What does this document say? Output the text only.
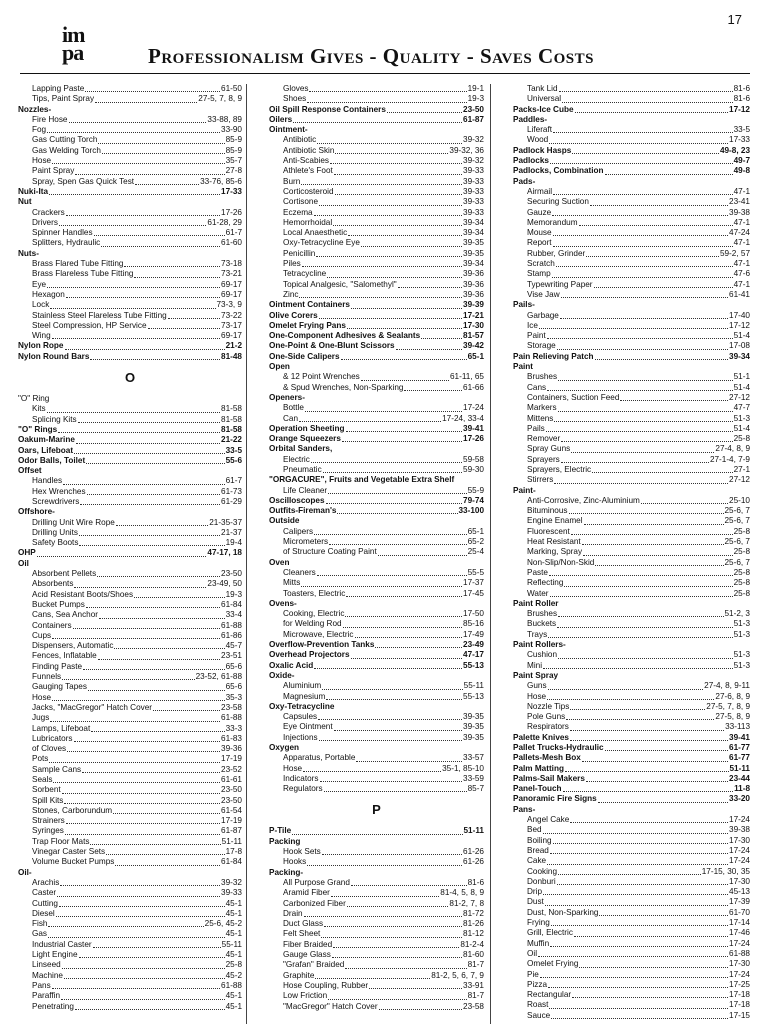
17
im
pa	Professionalism Gives - Quality - Saves Costs
Lapping Paste	61-50
Tips, Paint Spray	27-5, 7, 8, 9
Nozzles-
Fire Hose	33-88, 89
Fog	33-90
Gas Cutting Torch	85-9
Gas Welding Torch	85-9
Hose	35-7
Paint Spray	27-8
Spray, Spen Gas Quick Test	33-76, 85-6
Nuki-Ita	17-33
Nut
Crackers	17-26
Drivers	61-28, 29
Spinner Handles	61-7
Splitters, Hydraulic	61-60
Nuts-
Brass Flared Tube Fitting	73-18
Brass Flareless Tube Fitting	73-21
Eye	69-17
Hexagon	69-17
Lock	73-3, 9
Stainless Steel Flareless Tube Fitting	73-22
Steel Compression, HP Service	73-17
Wing	69-17
Nylon Rope	21-2
Nylon Round Bars	81-48
O
"O" Ring
Kits	81-58
Splicing Kits	81-58
"O" Rings	81-58
Oakum-Marine	21-22
Oars, Lifeboat	33-5
Odor Balls, Toilet	55-6
Offset
Handles	61-7
Hex Wrenches	61-73
Screwdrivers	61-29
Offshore-
Drilling Unit Wire Rope	21-35-37
Drilling Units	21-37
Safety Boots	19-4
OHP	47-17, 18
Oil
Absorbent Pellets	23-50
Absorbents	23-49, 50
Acid Resistant Boots/Shoes	19-3
Bucket Pumps	61-84
Cans, Sea Anchor	33-4
Containers	61-88
Cups	61-86
Dispensers, Automatic	45-7
Fences, Inflatable	23-51
Finding Paste	65-6
Funnels	23-52, 61-88
Gauging Tapes	65-6
Hose	35-3
Jacks, "MacGregor" Hatch Cover	23-58
Jugs	61-88
Lamps, Lifeboat	33-3
Lubricators	61-83
of Cloves	39-36
Pots	17-19
Sample Cans	23-52
Seals	61-61
Sorbent	23-50
Spill Kits	23-50
Stones, Carborundum	61-54
Strainers	17-19
Syringes	61-87
Trap Floor Mats	51-11
Vinegar Caster Sets	17-8
Volume Bucket Pumps	61-84
Oil-
Arachis	39-32
Caster	39-33
Cutting	45-1
Diesel	45-1
Fish	25-6, 45-2
Gas	45-1
Industrial Caster	55-11
Light Engine	45-1
Linseed	25-8
Machine	45-2
Pans	61-88
Paraffin	45-1
Penetrating	45-1
Gloves	19-1
Shoes	19-3
Oil Spill Response Containers	23-50
Oilers	61-87
Ointment-
Antibiotic	39-32
Antibiotic Skin	39-32, 36
Anti-Scabies	39-32
Athlete's Foot	39-33
Burn	39-33
Corticosteroid	39-33
Cortisone	39-33
Eczema	39-33
Hemorrhoidal	39-34
Local Anaesthetic	39-34
Oxy-Tetracycline Eye	39-35
Penicillin	39-35
Piles	39-34
Tetracycline	39-36
Topical Analgesic, "Salomethyl"	39-36
Zinc	39-36
Ointment Containers	39-39
Olive Corers	17-21
Omelet Frying Pans	17-30
One-Component Adhesives & Sealants	81-57
One-Point & One-Blunt Scissors	39-42
One-Side Calipers	65-1
Open
& 12 Point Wrenches	61-11, 65
& Spud Wrenches, Non-Sparking	61-66
Openers-
Bottle	17-24
Can	17-24, 33-4
Operation Sheeting	39-41
Orange Squeezers	17-26
Orbital Sanders,
Electric	59-58
Pneumatic	59-30
"ORGACURE", Fruits and Vegetable Extra Shelf
Life Cleaner	55-9
Oscilloscopes	79-74
Outfits-Fireman's	33-100
Outside
Calipers	65-1
Micrometers	65-2
of Structure Coating Paint	25-4
Oven
Cleaners	55-5
Mitts	17-37
Toasters, Electric	17-45
Ovens-
Cooking, Electric	17-50
for Welding Rod	85-16
Microwave, Electric	17-49
Overflow-Prevention Tanks	23-49
Overhead Projectors	47-17
Oxalic Acid	55-13
Oxide-
Aluminium	55-11
Magnesium	55-13
Oxy-Tetracycline
Capsules	39-35
Eye Ointment	39-35
Injections	39-35
Oxygen
Apparatus, Portable	33-57
Hose	35-1, 85-10
Indicators	33-59
Regulators	85-7
P
P-Tile	51-11
Packing
Hook Sets	61-26
Hooks	61-26
Packing-
All Purpose Grand	81-6
Aramid Fiber	81-4, 5, 8, 9
Carbonized Fiber	81-2, 7, 8
Drain	81-72
Duct Glass	81-26
Felt Sheet	81-12
Fiber Braided	81-2-4
Gauge Glass	81-60
"Grafan" Braided	81-7
Graphite	81-2, 5, 6, 7, 9
Hose Coupling, Rubber	33-91
Low Friction	81-7
"MacGregor" Hatch Cover	23-58
Tank Lid	81-6
Universal	81-6
Packs-Ice Cube	17-12
Paddles-
Liferaft	33-5
Wood	17-33
Padlock Hasps	49-8, 23
Padlocks	49-7
Padlocks, Combination	49-8
Pads-
Airmail	47-1
Securing Suction	23-41
Gauze	39-38
Memorandum	47-1
Mouse	47-24
Report	47-1
Rubber, Grinder	59-2, 57
Scratch	47-1
Stamp	47-6
Typewriting Paper	47-1
Vise Jaw	61-41
Pails-
Garbage	17-40
Ice	17-12
Paint	51-4
Storage	17-08
Pain Relieving Patch	39-34
Paint
Brushes	51-1
Cans	51-4
Containers, Suction Feed	27-12
Markers	47-7
Mittens	51-3
Pails	51-4
Remover	25-8
Spray Guns	27-4, 8, 9
Sprayers	27-1-4, 7-9
Sprayers, Electric	27-1
Stirrers	27-12
Paint-
Anti-Corrosive, Zinc-Aluminium	25-10
Bituminous	25-6, 7
Engine Enamel	25-6, 7
Fluorescent	25-8
Heat Resistant	25-6, 7
Marking, Spray	25-8
Non-Slip/Non-Skid	25-6, 7
Paste	25-8
Reflecting	25-8
Water	25-8
Paint Roller
Brushes	51-2, 3
Buckets	51-3
Trays	51-3
Paint Rollers-
Cushion	51-3
Mini	51-3
Paint Spray
Guns	27-4, 8, 9-11
Hose	27-6, 8, 9
Nozzle Tips	27-5, 7, 8, 9
Pole Guns	27-5, 8, 9
Respirators	33-113
Palette Knives	39-41
Pallet Trucks-Hydraulic	61-77
Pallets-Mesh Box	61-77
Palm Matting	51-11
Palms-Sail Makers	23-44
Panel-Touch	11-8
Panoramic Fire Signs	33-20
Pans-
Angel Cake	17-24
Bed	39-38
Boiling	17-30
Bread	17-24
Cake	17-24
Cooking	17-15, 30, 35
Donburi	17-30
Drip	45-13
Dust	17-39
Dust, Non-Sparking	61-70
Frying	17-14
Grill, Electric	17-46
Muffin	17-24
Oil	61-88
Omelet Frying	17-30
Pie	17-24
Pizza	17-25
Rectangular	17-18
Roast	17-18
Sauce	17-15
